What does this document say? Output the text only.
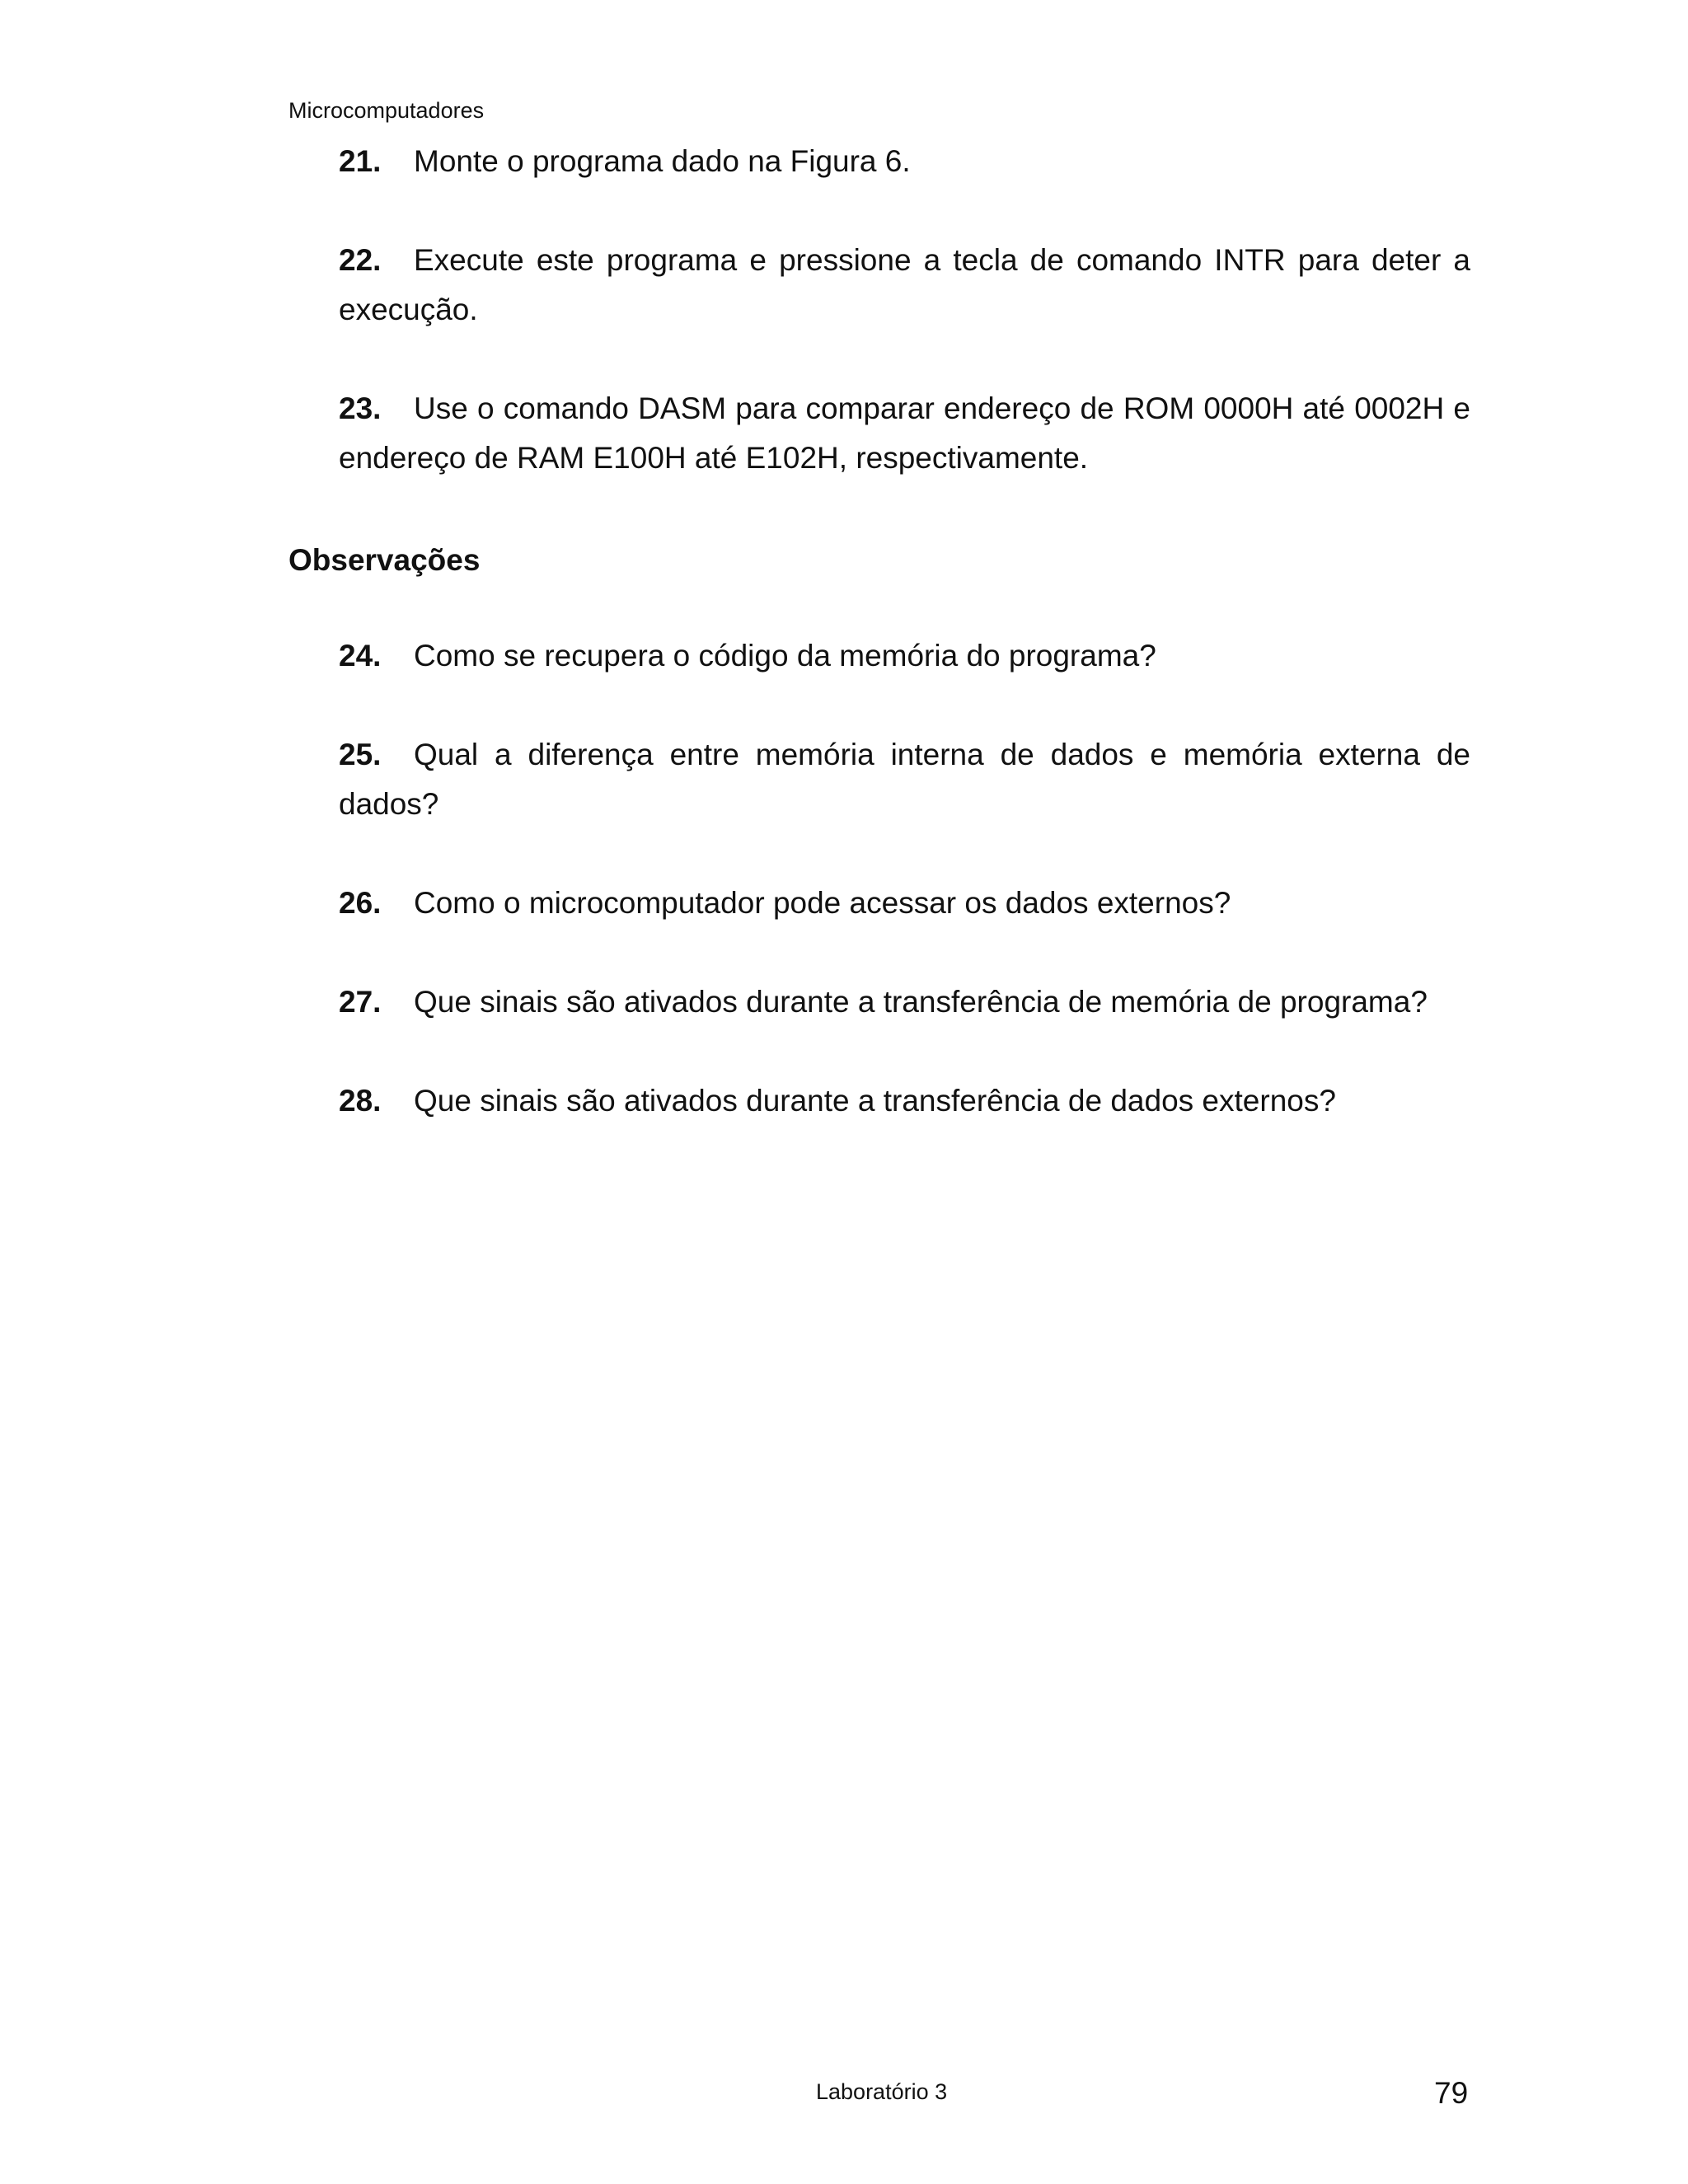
Microcomputadores
21. Monte o programa dado na Figura 6.
22. Execute este programa e pressione a tecla de comando INTR para deter a execução.
23. Use o comando DASM para comparar endereço de ROM 0000H até 0002H e endereço de RAM E100H até E102H, respectivamente.
Observações
24. Como se recupera o código da memória do programa?
25. Qual a diferença entre memória interna de dados e memória externa de dados?
26. Como o microcomputador pode acessar os dados externos?
27. Que sinais são ativados durante a transferência de memória de programa?
28. Que sinais são ativados durante a transferência de dados externos?
Laboratório 3	79
